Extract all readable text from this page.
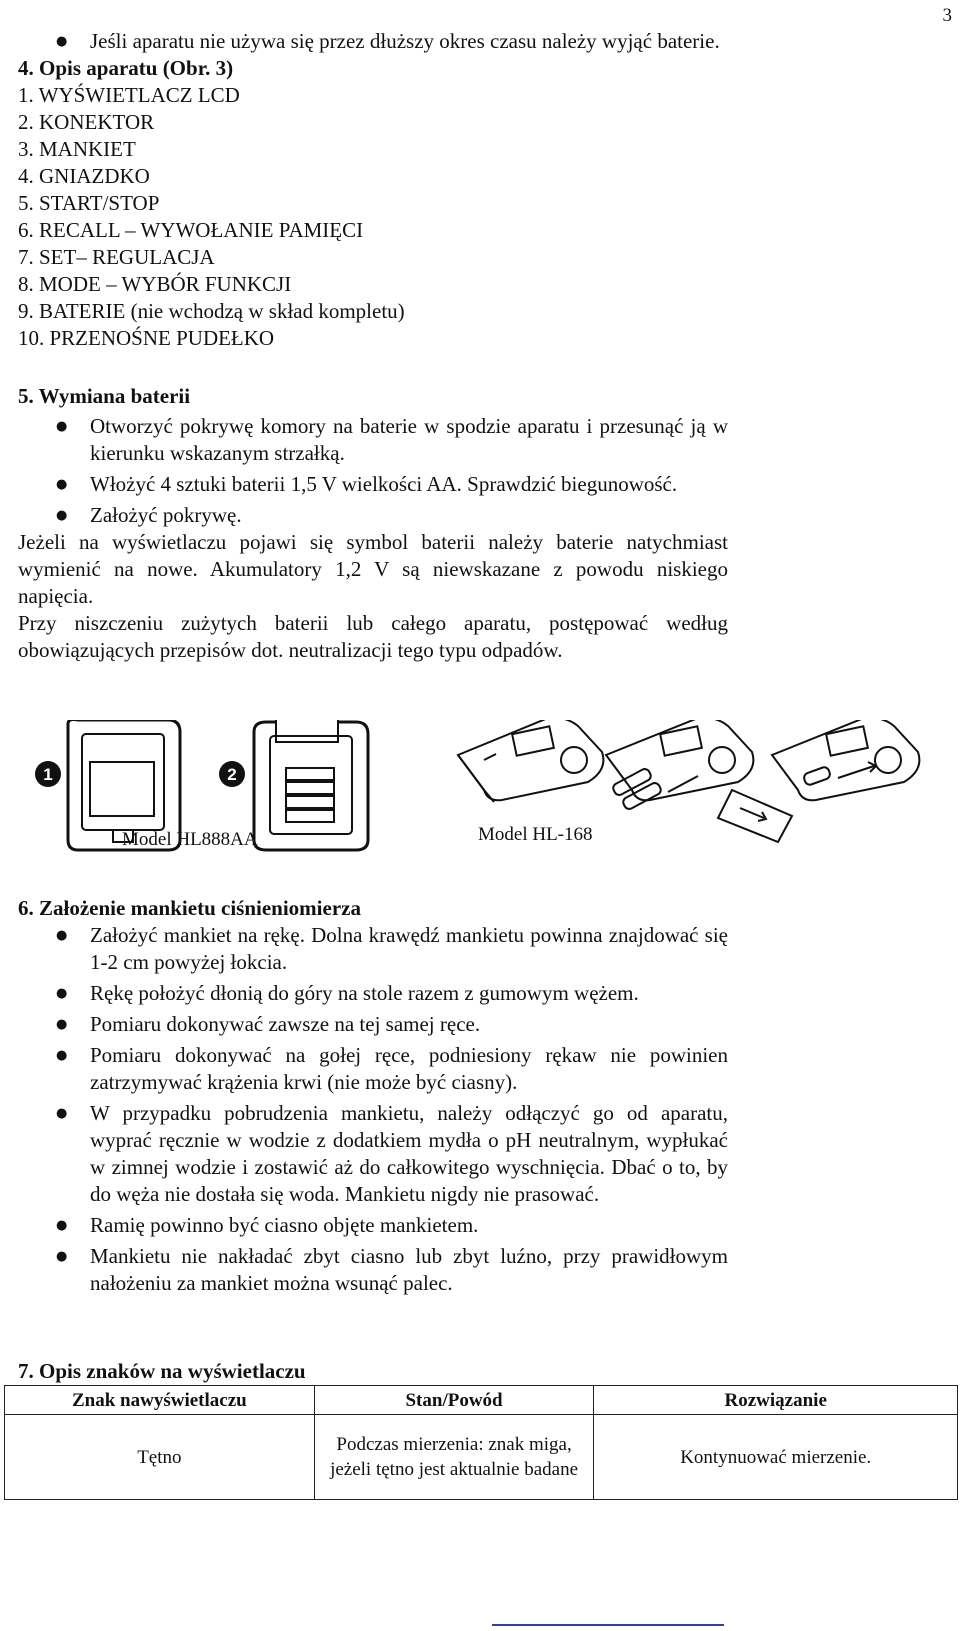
3
● Jeśli aparatu nie używa się przez dłuższy okres czasu należy wyjąć baterie.
4. Opis aparatu (Obr. 3)
1. WYŚWIETLACZ LCD
2. KONEKTOR
3. MANKIET
4. GNIAZDKO
5. START/STOP
6. RECALL – WYWOŁANIE PAMIĘCI
7. SET– REGULACJA
8. MODE – WYBÓR FUNKCJI
9. BATERIE (nie wchodzą w skład kompletu)
10. PRZENOŚNE PUDEŁKO
5. Wymiana baterii
● Otworzyć pokrywę komory na baterie w spodzie aparatu i przesunąć ją w kierunku wskazanym strzałką.
● Włożyć 4 sztuki baterii 1,5 V wielkości AA. Sprawdzić biegunowość.
● Założyć pokrywę.
Jeżeli na wyświetlaczu pojawi się symbol baterii należy baterie natychmiast wymienić na nowe. Akumulatory 1,2 V są niewskazane z powodu niskiego napięcia.
Przy niszczeniu zużytych baterii lub całego aparatu, postępować według obowiązujących przepisów dot. neutralizacji tego typu odpadów.
1	2
Model HL888AA	Model HL-168
6. Założenie mankietu ciśnieniomierza
● Założyć mankiet na rękę. Dolna krawędź mankietu powinna znajdować się 1-2 cm powyżej łokcia.
● Rękę położyć dłonią do góry na stole razem z gumowym wężem.
● Pomiaru dokonywać zawsze na tej samej ręce.
● Pomiaru dokonywać na gołej ręce, podniesiony rękaw nie powinien zatrzymywać krążenia krwi (nie może być ciasny).
● W przypadku pobrudzenia mankietu, należy odłączyć go od aparatu, wyprać ręcznie w wodzie z dodatkiem mydła o pH neutralnym, wypłukać w zimnej wodzie i zostawić aż do całkowitego wyschnięcia. Dbać o to, by do węża nie dostała się woda. Mankietu nigdy nie prasować.
● Ramię powinno być ciasno objęte mankietem.
● Mankietu nie nakładać zbyt ciasno lub zbyt luźno, przy prawidłowym nałożeniu za mankiet można wsunąć palec.
7. Opis znaków na wyświetlaczu
Znak nawyświetlaczu	Stan/Powód	Rozwiązanie
Tętno	Podczas mierzenia: znak miga, jeżeli tętno jest aktualnie badane	Kontynuować mierzenie.
